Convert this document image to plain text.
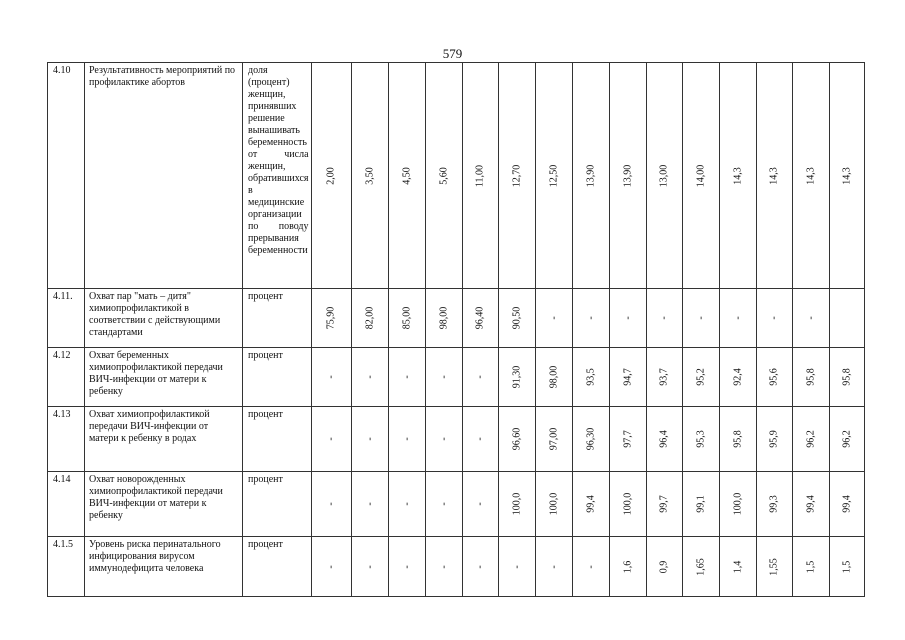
579
4.10	Результативность мероприятий по профилактике абортов	доля (процент) женщин, принявших решение вынашивать беременность от числа женщин, обратившихся в медицинские организации по поводу прерывания беременности	2,00	3,50	4,50	5,60	11,00	12,70	12,50	13,90	13,90	13,00	14,00	14,3	14,3	14,3	14,3

4.11.	Охват пар "мать – дитя" химиопрофилактикой в соответствии с действующими стандартами	процент	75,90	82,00	85,00	98,00	96,40	90,50	-	-	-	-	-	-	-	-	

4.12	Охват беременных химиопрофилактикой передачи ВИЧ-инфекции от матери к ребенку	процент	-	-	-	-	-	91,30	98,00	93,5	94,7	93,7	95,2	92,4	95,6	95,8	95,8

4.13	Охват химиопрофилактикой передачи ВИЧ-инфекции от матери к ребенку в родах	процент	-	-	-	-	-	96,60	97,00	96,30	97,7	96,4	95,3	95,8	95,9	96,2	96,2

4.14	Охват новорожденных химиопрофилактикой передачи ВИЧ-инфекции от матери к ребенку	процент	-	-	-	-	-	100,0	100,0	99,4	100,0	99,7	99,1	100,0	99,3	99,4	99,4

4.1.5	Уровень риска перинатального инфицирования вирусом иммунодефицита человека	процент	-	-	-	-	-	-	-	-	1,6	0,9	1,65	1,4	1,55	1,5	1,5
